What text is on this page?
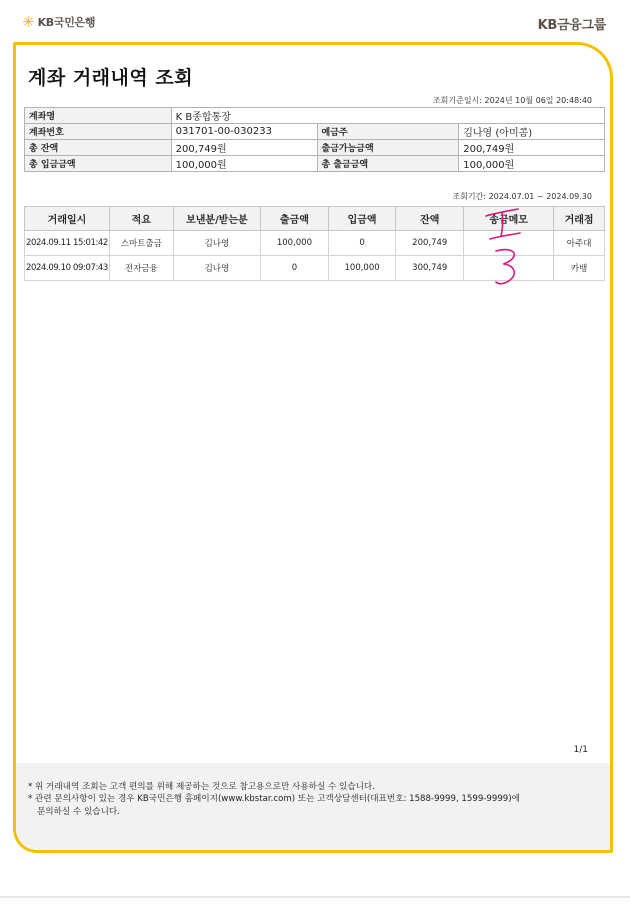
✳ KB국민은행	KB금융그룹
계좌 거래내역 조회
조회기준일시: 2024년 10월 06일 20:48:40
계좌명	K B종합통장		
계좌번호	031701-00-030233	예금주	김나영 (아미콤)
총 잔액	200,749원	출금가능금액	200,749원
총 입금금액	100,000원	총 출금금액	100,000원
조회기간: 2024.07.01 ~ 2024.09.30
거래일시	적요	보낸분/받는분	출금액	입금액	잔액	송금메모	거래점
2024.09.11 15:01:42	스마트출금	김나영	100,000	0	200,749		아주대
2024.09.10 09:07:43	전자금융	김나영	0	100,000	300,749		카뱅
1/1

* 위 거래내역 조회는 고객 편의를 위해 제공하는 것으로 참고용으로만 사용하실 수 있습니다.

* 관련 문의사항이 있는 경우 KB국민은행 홈페이지(www.kbstar.com) 또는 고객상담센터(대표번호: 1588-9999, 1599-9999)에

문의하실 수 있습니다.
